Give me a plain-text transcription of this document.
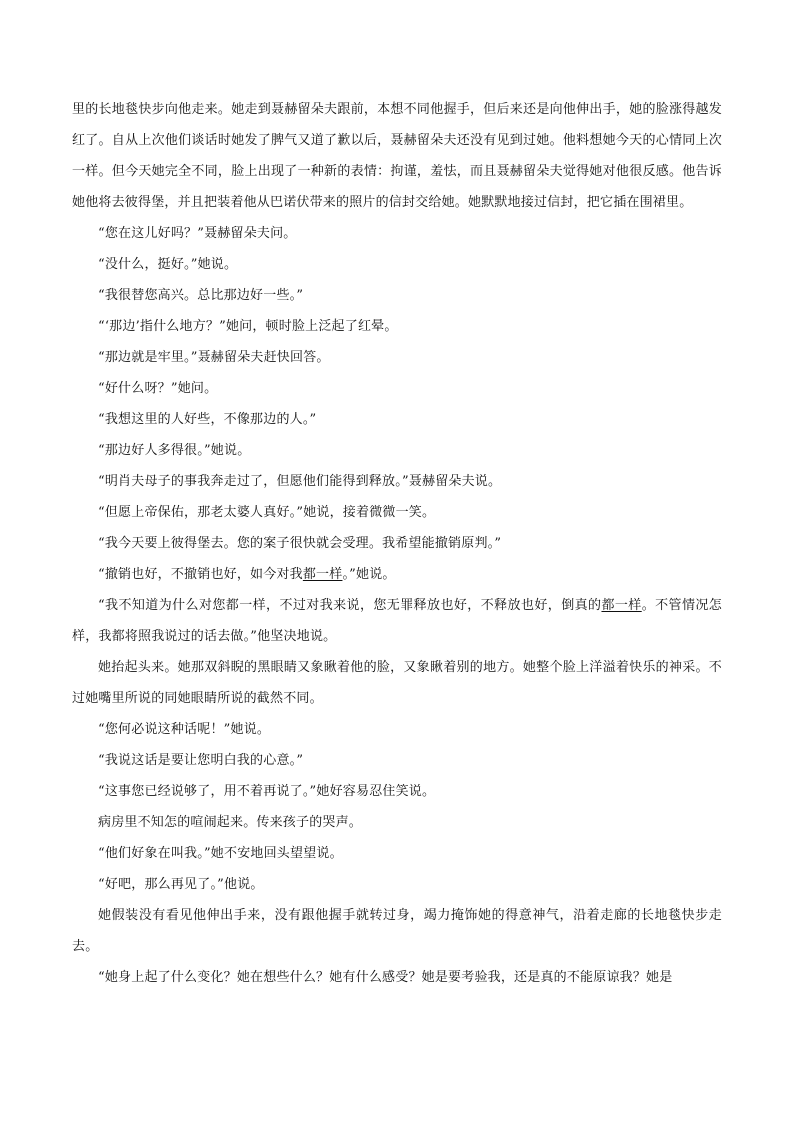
里的长地毯快步向他走来。她走到聂赫留朵夫跟前，本想不同他握手，但后来还是向他伸出手，她的脸涨得越发红了。自从上次他们谈话时她发了脾气又道了歉以后，聂赫留朵夫还没有见到过她。他料想她今天的心情同上次一样。但今天她完全不同，脸上出现了一种新的表情：拘谨，羞怯，而且聂赫留朵夫觉得她对他很反感。他告诉她他将去彼得堡，并且把装着他从巴诺伏带来的照片的信封交给她。她默默地接过信封，把它插在围裙里。

“您在这儿好吗？”聂赫留朵夫问。

“没什么，挺好。”她说。

“我很替您高兴。总比那边好一些。”

“‘那边’指什么地方？”她问，顿时脸上泛起了红晕。

“那边就是牢里。”聂赫留朵夫赶快回答。

“好什么呀？”她问。

“我想这里的人好些，不像那边的人。”

“那边好人多得很。”她说。

“明肖夫母子的事我奔走过了，但愿他们能得到释放。”聂赫留朵夫说。

“但愿上帝保佑，那老太婆人真好。”她说，接着微微一笑。

“我今天要上彼得堡去。您的案子很快就会受理。我希望能撤销原判。”

“撤销也好，不撤销也好，如今对我都一样。”她说。

“我不知道为什么对您都一样，不过对我来说，您无罪释放也好，不释放也好，倒真的都一样。不管情况怎样，我都将照我说过的话去做。”他坚决地说。

她抬起头来。她那双斜睨的黑眼睛又象瞅着他的脸，又象瞅着别的地方。她整个脸上洋溢着快乐的神采。不过她嘴里所说的同她眼睛所说的截然不同。

“您何必说这种话呢！”她说。

“我说这话是要让您明白我的心意。”

“这事您已经说够了，用不着再说了。”她好容易忍住笑说。

病房里不知怎的喧闹起来。传来孩子的哭声。

“他们好象在叫我。”她不安地回头望望说。

“好吧，那么再见了。”他说。

她假装没有看见他伸出手来，没有跟他握手就转过身，竭力掩饰她的得意神气，沿着走廊的长地毯快步走去。

“她身上起了什么变化？她在想些什么？她有什么感受？她是要考验我，还是真的不能原谅我？她是
